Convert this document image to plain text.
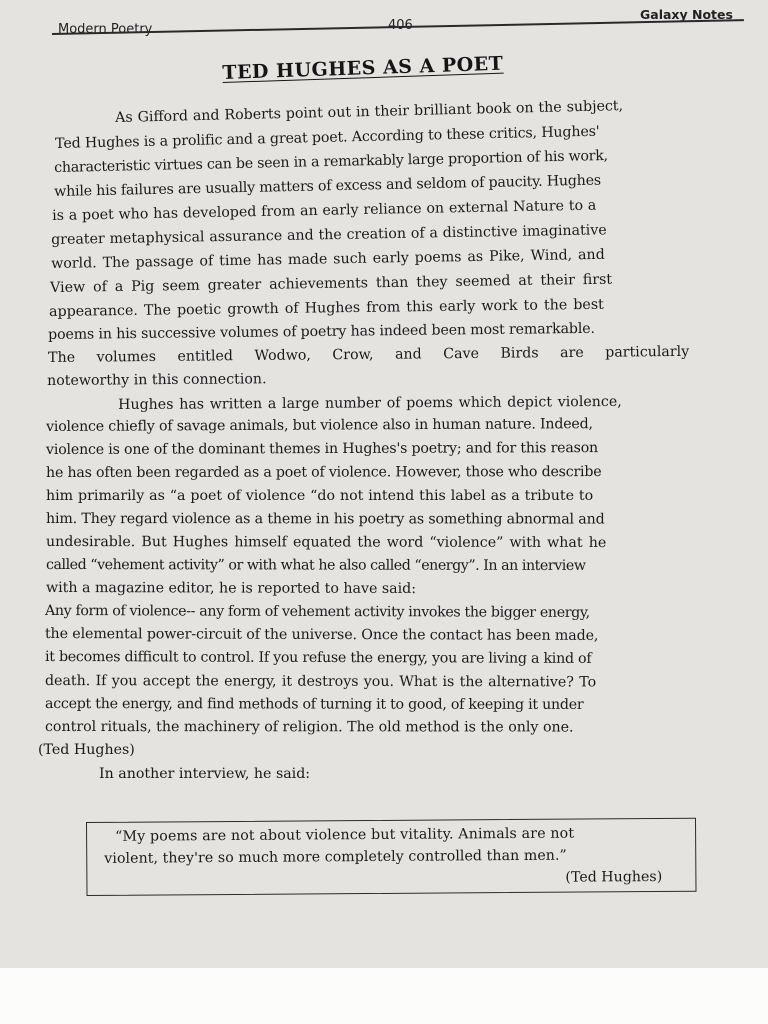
Modern Poetry	406
Galaxy Notes
TED HUGHES AS A POET
As Gifford and Roberts point out in their brilliant book on the subject,
Ted Hughes is a prolific and a great poet. According to these critics, Hughes'
characteristic virtues can be seen in a remarkably large proportion of his work,
while his failures are usually matters of excess and seldom of paucity. Hughes
is a poet who has developed from an early reliance on external Nature to a
greater metaphysical assurance and the creation of a distinctive imaginative
world. The passage of time has made such early poems as Pike, Wind, and
View of a Pig seem greater achievements than they seemed at their first
appearance. The poetic growth of Hughes from this early work to the best
poems in his successive volumes of poetry has indeed been most remarkable.
The volumes entitled Wodwo, Crow, and Cave Birds are particularly
noteworthy in this connection.
Hughes has written a large number of poems which depict violence,
violence chiefly of savage animals, but violence also in human nature. Indeed,
violence is one of the dominant themes in Hughes's poetry; and for this reason
he has often been regarded as a poet of violence. However, those who describe
him primarily as “a poet of violence “do not intend this label as a tribute to
him. They regard violence as a theme in his poetry as something abnormal and
undesirable. But Hughes himself equated the word “violence” with what he
called “vehement activity” or with what he also called “energy”. In an interview
with a magazine editor, he is reported to have said:
Any form of violence-- any form of vehement activity invokes the bigger energy,
the elemental power-circuit of the universe. Once the contact has been made,
it becomes difficult to control. If you refuse the energy, you are living a kind of
death. If you accept the energy, it destroys you. What is the alternative? To
accept the energy, and find methods of turning it to good, of keeping it under
control rituals, the machinery of religion. The old method is the only one.
(Ted Hughes)
In another interview, he said:
“My poems are not about violence but vitality. Animals are not
violent, they're so much more completely controlled than men.”
(Ted Hughes)
